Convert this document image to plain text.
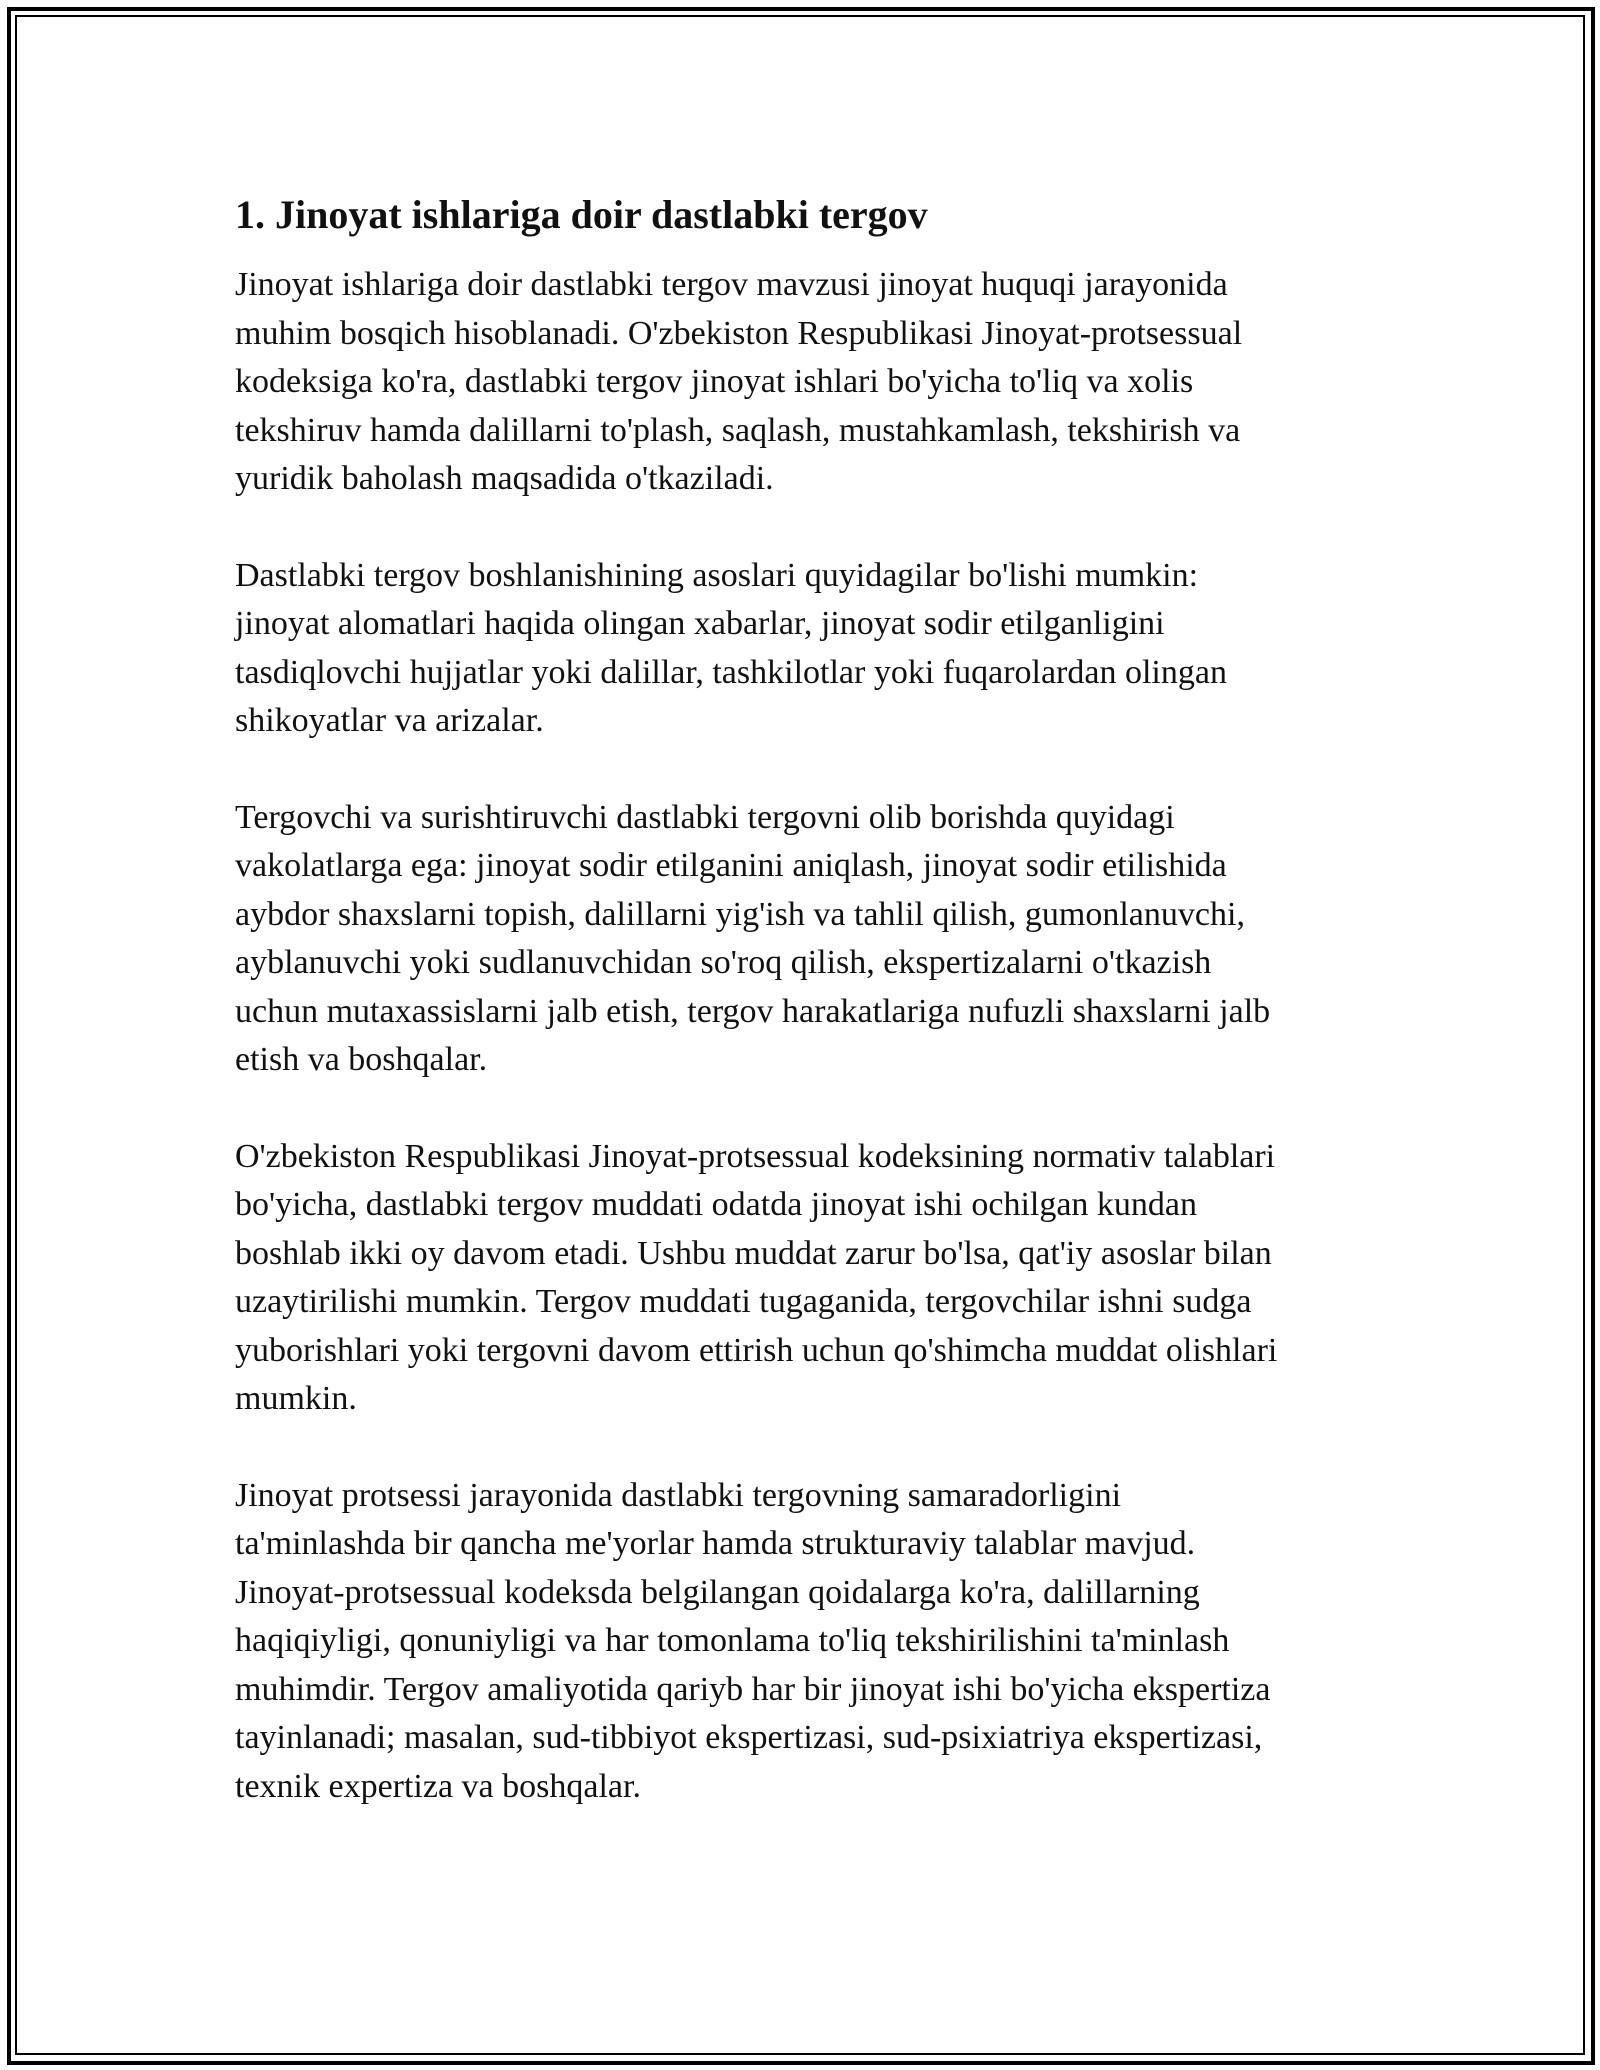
1. Jinoyat ishlariga doir dastlabki tergov

Jinoyat ishlariga doir dastlabki tergov mavzusi jinoyat huquqi jarayonida
muhim bosqich hisoblanadi. O'zbekiston Respublikasi Jinoyat-protsessual
kodeksiga ko'ra, dastlabki tergov jinoyat ishlari bo'yicha to'liq va xolis
tekshiruv hamda dalillarni to'plash, saqlash, mustahkamlash, tekshirish va
yuridik baholash maqsadida o'tkaziladi.

Dastlabki tergov boshlanishining asoslari quyidagilar bo'lishi mumkin:
jinoyat alomatlari haqida olingan xabarlar, jinoyat sodir etilganligini
tasdiqlovchi hujjatlar yoki dalillar, tashkilotlar yoki fuqarolardan olingan
shikoyatlar va arizalar.

Tergovchi va surishtiruvchi dastlabki tergovni olib borishda quyidagi
vakolatlarga ega: jinoyat sodir etilganini aniqlash, jinoyat sodir etilishida
aybdor shaxslarni topish, dalillarni yig'ish va tahlil qilish, gumonlanuvchi,
ayblanuvchi yoki sudlanuvchidan so'roq qilish, ekspertizalarni o'tkazish
uchun mutaxassislarni jalb etish, tergov harakatlariga nufuzli shaxslarni jalb
etish va boshqalar.

O'zbekiston Respublikasi Jinoyat-protsessual kodeksining normativ talablari
bo'yicha, dastlabki tergov muddati odatda jinoyat ishi ochilgan kundan
boshlab ikki oy davom etadi. Ushbu muddat zarur bo'lsa, qat'iy asoslar bilan
uzaytirilishi mumkin. Tergov muddati tugaganida, tergovchilar ishni sudga
yuborishlari yoki tergovni davom ettirish uchun qo'shimcha muddat olishlari
mumkin.

Jinoyat protsessi jarayonida dastlabki tergovning samaradorligini
ta'minlashda bir qancha me'yorlar hamda strukturaviy talablar mavjud.
Jinoyat-protsessual kodeksda belgilangan qoidalarga ko'ra, dalillarning
haqiqiyligi, qonuniyligi va har tomonlama to'liq tekshirilishini ta'minlash
muhimdir. Tergov amaliyotida qariyb har bir jinoyat ishi bo'yicha ekspertiza
tayinlanadi; masalan, sud-tibbiyot ekspertizasi, sud-psixiatriya ekspertizasi,
texnik expertiza va boshqalar.
